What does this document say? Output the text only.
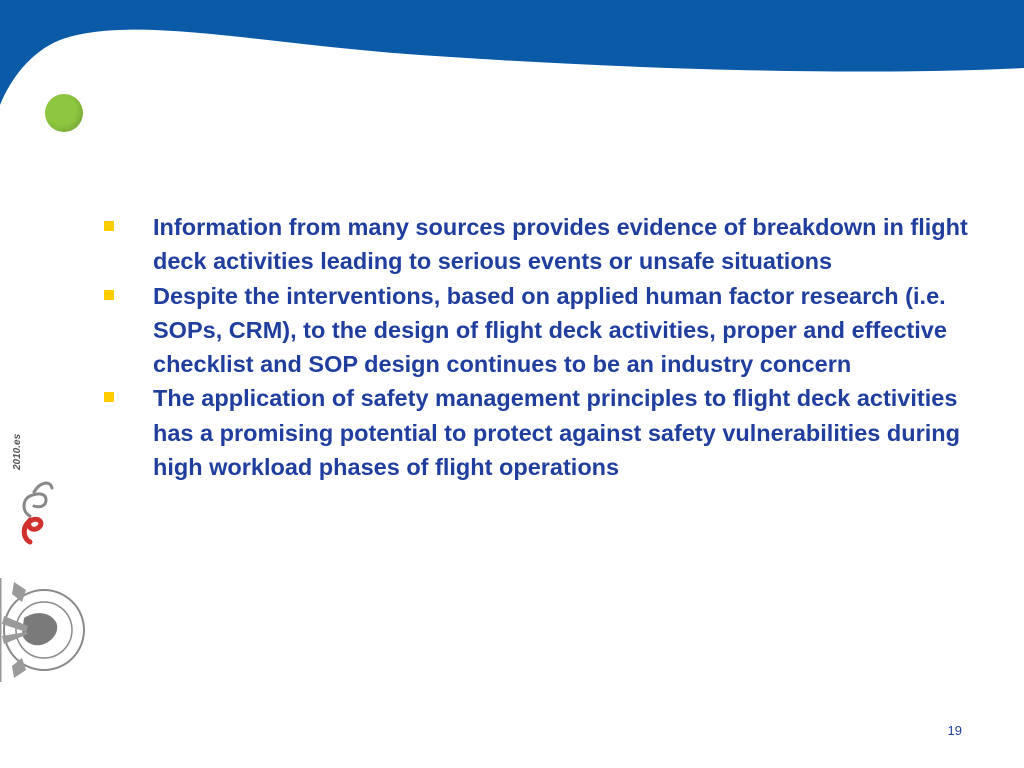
Information from many sources provides evidence of breakdown in flight deck activities leading to serious events or unsafe situations
Despite the interventions, based on applied human factor research (i.e. SOPs, CRM), to the design of flight deck activities, proper and effective checklist and SOP design continues to be an industry concern
The application of safety management principles to flight deck activities has a promising potential to protect against safety vulnerabilities during high workload phases of flight operations
2010.es
19
